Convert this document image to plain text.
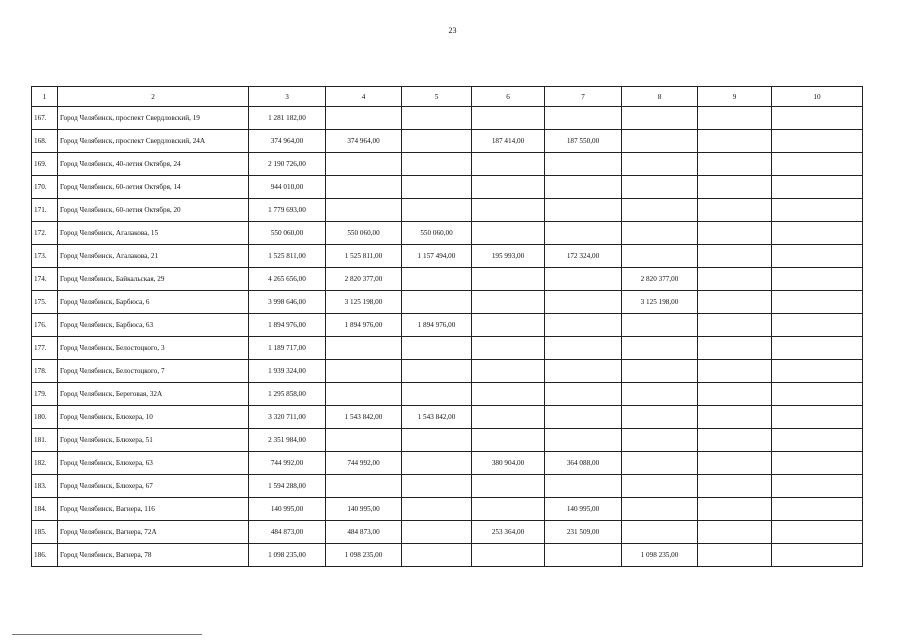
23
1	2	3	4	5	6	7	8	9	10
167.	Город Челябинск, проспект Свердловский, 19	1 281 182,00							
168.	Город Челябинск, проспект Свердловский, 24А	374 964,00	374 964,00		187 414,00	187 550,00			
169.	Город Челябинск, 40-летия Октября, 24	2 190 726,00							
170.	Город Челябинск, 60-летия Октября, 14	944 010,00							
171.	Город Челябинск, 60-летия Октября, 20	1 779 693,00							
172.	Город Челябинск, Агалакова, 15	550 060,00	550 060,00	550 060,00					
173.	Город Челябинск, Агалакова, 21	1 525 811,00	1 525 811,00	1 157 494,00	195 993,00	172 324,00			
174.	Город Челябинск, Байкальская, 29	4 265 656,00	2 820 377,00				2 820 377,00		
175.	Город Челябинск, Барбюса, 6	3 998 646,00	3 125 198,00				3 125 198,00		
176.	Город Челябинск, Барбюса, 63	1 894 976,00	1 894 976,00	1 894 976,00					
177.	Город Челябинск, Белостоцкого, 3	1 189 717,00							
178.	Город Челябинск, Белостоцкого, 7	1 939 324,00							
179.	Город Челябинск, Береговая, 32А	1 295 858,00							
180.	Город Челябинск, Блюхера, 10	3 320 711,00	1 543 842,00	1 543 842,00					
181.	Город Челябинск, Блюхера, 51	2 351 984,00							
182.	Город Челябинск, Блюхера, 63	744 992,00	744 992,00		380 904,00	364 088,00			
183.	Город Челябинск, Блюхера, 67	1 594 288,00							
184.	Город Челябинск, Вагнера, 116	140 995,00	140 995,00			140 995,00			
185.	Город Челябинск, Вагнера, 72А	484 873,00	484 873,00		253 364,00	231 509,00			
186.	Город Челябинск, Вагнера, 78	1 098 235,00	1 098 235,00				1 098 235,00		
